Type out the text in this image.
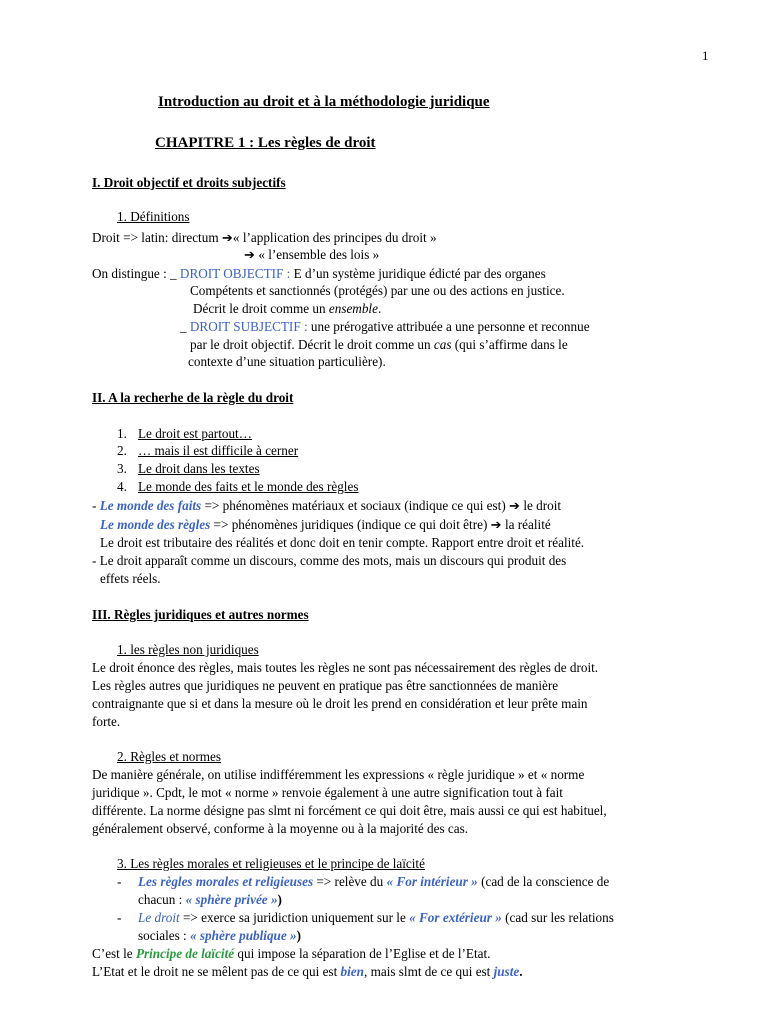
1
Introduction au droit et à la méthodologie juridique
CHAPITRE 1 : Les règles de droit
I. Droit objectif et droits subjectifs
1. Définitions
Droit => latin: directum ➔« l’application des principes du droit »
➔ « l’ensemble des lois »
On distingue : _ DROIT OBJECTIF : E d’un système juridique édicté par des organes
Compétents et sanctionnés (protégés) par une ou des actions en justice.
Décrit le droit comme un ensemble.
_ DROIT SUBJECTIF : une prérogative attribuée a une personne et reconnue
par le droit objectif. Décrit le droit comme un cas (qui s’affirme dans le
contexte d’une situation particulière).
II. A la recherhe de la règle du droit
1. Le droit est partout…
2. … mais il est difficile à cerner
3. Le droit dans les textes
4. Le monde des faits et le monde des règles
- Le monde des faits => phénomènes matériaux et sociaux (indique ce qui est) ➔ le droit
Le monde des règles => phénomènes juridiques (indique ce qui doit être) ➔ la réalité
Le droit est tributaire des réalités et donc doit en tenir compte. Rapport entre droit et réalité.
- Le droit apparaît comme un discours, comme des mots, mais un discours qui produit des
effets réels.
III. Règles juridiques et autres normes
1. les règles non juridiques
Le droit énonce des règles, mais toutes les règles ne sont pas nécessairement des règles de droit.
Les règles autres que juridiques ne peuvent en pratique pas être sanctionnées de manière
contraignante que si et dans la mesure où le droit les prend en considération et leur prête main
forte.
2. Règles et normes
De manière générale, on utilise indifféremment les expressions « règle juridique » et « norme
juridique ». Cpdt, le mot « norme » renvoie également à une autre signification tout à fait
différente. La norme désigne pas slmt ni forcément ce qui doit être, mais aussi ce qui est habituel,
généralement observé, conforme à la moyenne ou à la majorité des cas.
3. Les règles morales et religieuses et le principe de laïcité
- Les règles morales et religieuses => relève du « For intérieur » (cad de la conscience de
chacun : « sphère privée »)
- Le droit => exerce sa juridiction uniquement sur le « For extérieur » (cad sur les relations
sociales : « sphère publique »)
C’est le Principe de laïcité qui impose la séparation de l’Eglise et de l’Etat.
L’Etat et le droit ne se mêlent pas de ce qui est bien, mais slmt de ce qui est juste.
